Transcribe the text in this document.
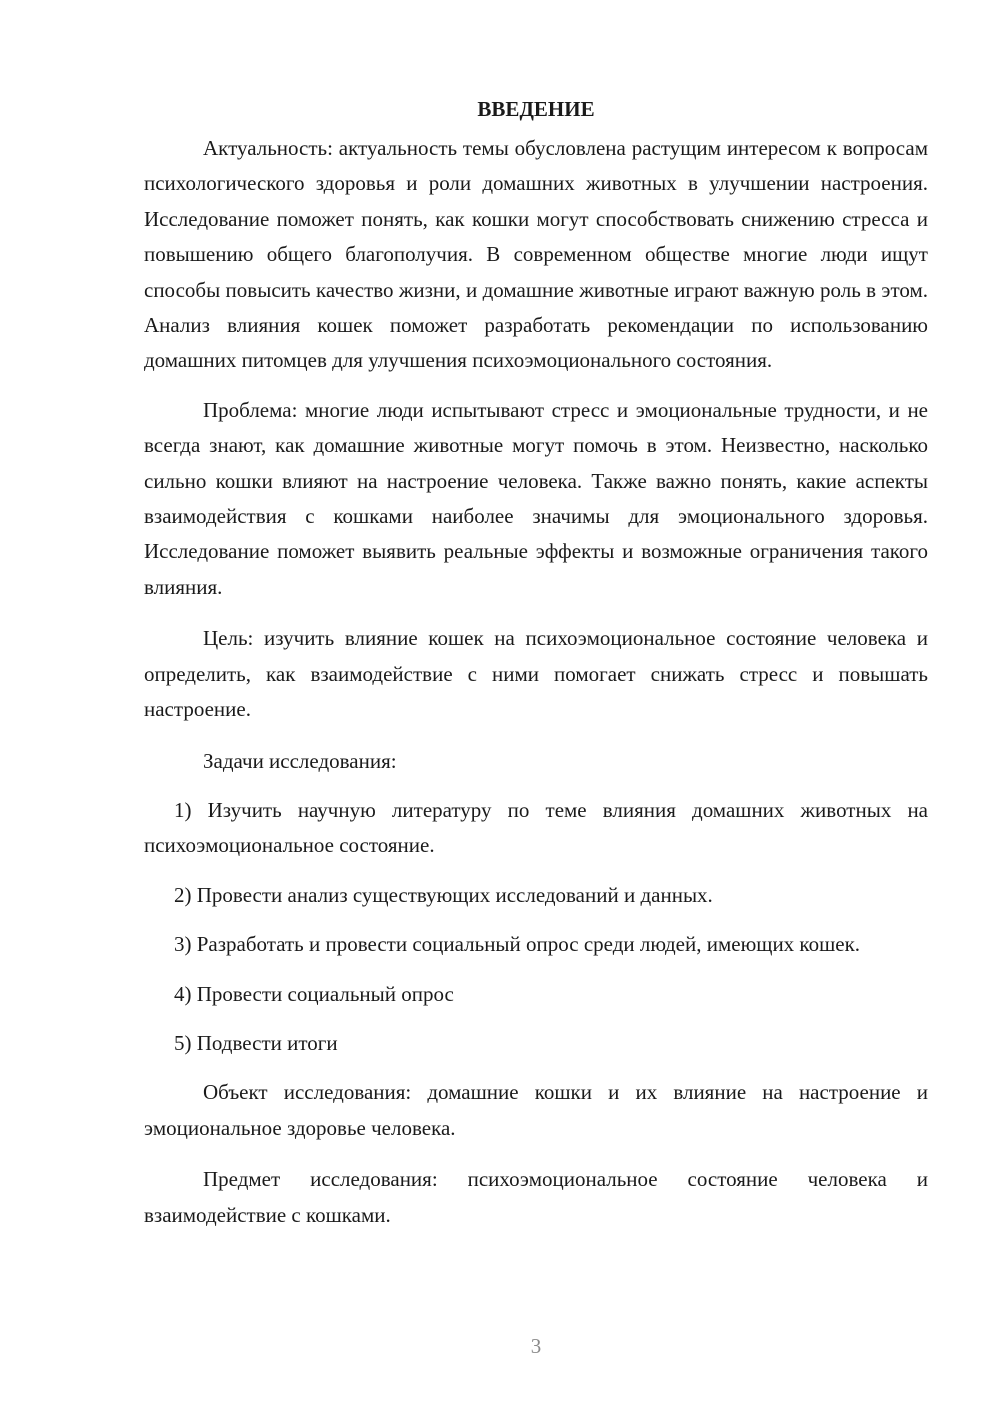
ВВЕДЕНИЕ

Актуальность: актуальность темы обусловлена растущим интересом к вопросам психологического здоровья и роли домашних животных в улучшении настроения. Исследование поможет понять, как кошки могут способствовать снижению стресса и повышению общего благополучия. В современном обществе многие люди ищут способы повысить качество жизни, и домашние животные играют важную роль в этом. Анализ влияния кошек поможет разработать рекомендации по использованию домашних питомцев для улучшения психоэмоционального состояния.

Проблема: многие люди испытывают стресс и эмоциональные трудности, и не всегда знают, как домашние животные могут помочь в этом. Неизвестно, насколько сильно кошки влияют на настроение человека. Также важно понять, какие аспекты взаимодействия с кошками наиболее значимы для эмоционального здоровья. Исследование поможет выявить реальные эффекты и возможные ограничения такого влияния.

Цель: изучить влияние кошек на психоэмоциональное состояние человека и определить, как взаимодействие с ними помогает снижать стресс и повышать настроение.

Задачи исследования:

1) Изучить научную литературу по теме влияния домашних животных на психоэмоциональное состояние.

2) Провести анализ существующих исследований и данных.

3) Разработать и провести социальный опрос среди людей, имеющих кошек.

4) Провести социальный опрос

5) Подвести итоги

Объект исследования: домашние кошки и их влияние на настроение и эмоциональное здоровье человека.

Предмет исследования: психоэмоциональное состояние человека и взаимодействие с кошками.

3
